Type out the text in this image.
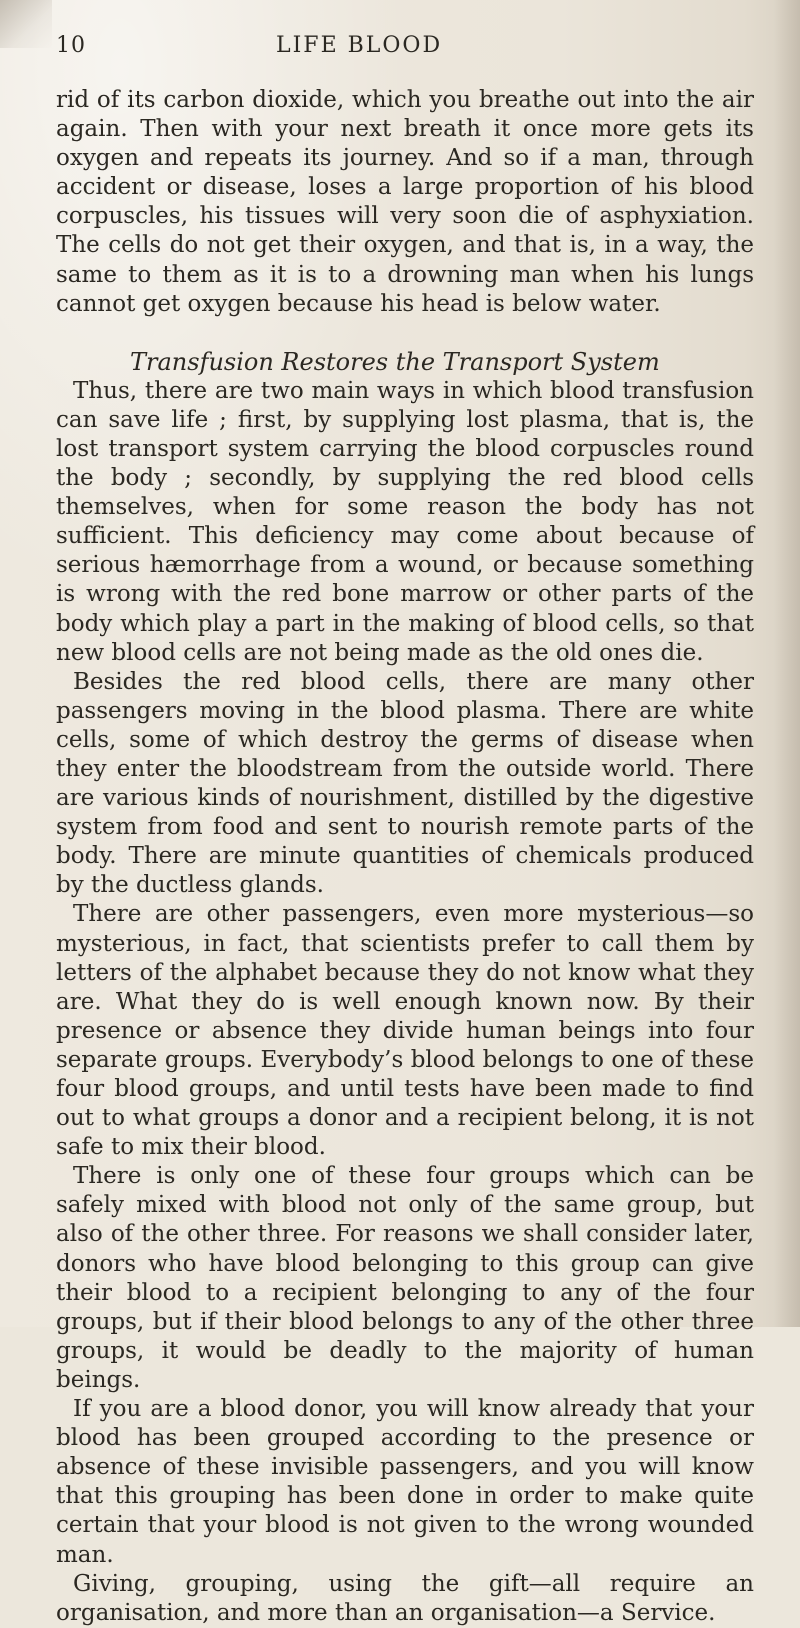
10	LIFE BLOOD

rid of its carbon dioxide, which you breathe out into the air again. Then with your next breath it once more gets its oxygen and repeats its journey. And so if a man, through accident or disease, loses a large proportion of his blood corpuscles, his tissues will very soon die of asphyxiation. The cells do not get their oxygen, and that is, in a way, the same to them as it is to a drowning man when his lungs cannot get oxygen because his head is below water.

Transfusion Restores the Transport System

Thus, there are two main ways in which blood transfusion can save life ; first, by supplying lost plasma, that is, the lost transport system carrying the blood corpuscles round the body ; secondly, by supplying the red blood cells themselves, when for some reason the body has not sufficient. This deficiency may come about because of serious hæmorrhage from a wound, or because something is wrong with the red bone marrow or other parts of the body which play a part in the making of blood cells, so that new blood cells are not being made as the old ones die.

Besides the red blood cells, there are many other passengers moving in the blood plasma. There are white cells, some of which destroy the germs of disease when they enter the bloodstream from the outside world. There are various kinds of nourishment, distilled by the digestive system from food and sent to nourish remote parts of the body. There are minute quantities of chemicals produced by the ductless glands.

There are other passengers, even more mysterious—so mysterious, in fact, that scientists prefer to call them by letters of the alphabet because they do not know what they are. What they do is well enough known now. By their presence or absence they divide human beings into four separate groups. Everybody’s blood belongs to one of these four blood groups, and until tests have been made to find out to what groups a donor and a recipient belong, it is not safe to mix their blood.

There is only one of these four groups which can be safely mixed with blood not only of the same group, but also of the other three. For reasons we shall consider later, donors who have blood belonging to this group can give their blood to a recipient belonging to any of the four groups, but if their blood belongs to any of the other three groups, it would be deadly to the majority of human beings.

If you are a blood donor, you will know already that your blood has been grouped according to the presence or absence of these invisible passengers, and you will know that this grouping has been done in order to make quite certain that your blood is not given to the wrong wounded man.

Giving, grouping, using the gift—all require an organisation, and more than an organisation—a Service.
